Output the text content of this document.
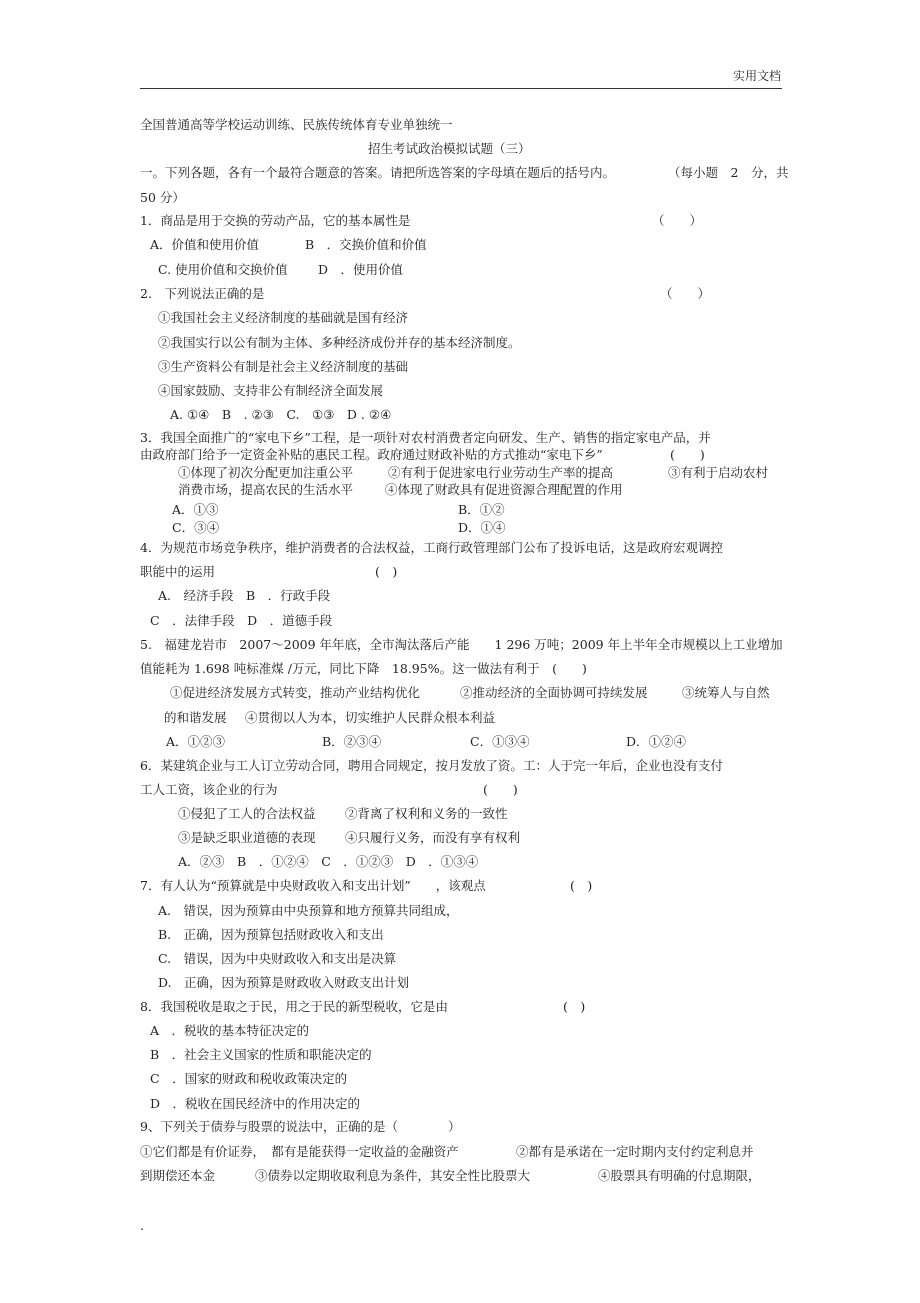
实用文档
全国普通高等学校运动训练、民族传统体育专业单独统一
招生考试政治模拟试题（三）
一。下列各题，各有一个最符合题意的答案。请把所选答案的字母填在题后的括号内。	（每小题　2　分，共
50 分）
1．商品是用于交换的劳动产品，它的基本属性是	（　　）
A．价值和使用价值	B　．交换价值和价值
C. 使用价值和交换价值 D　．使用价值
2.　下列说法正确的是	（　　）
①我国社会主义经济制度的基础就是国有经济
②我国实行以公有制为主体、多种经济成份并存的基本经济制度。
③生产资料公有制是社会主义经济制度的基础
④国家鼓励、支持非公有制经济全面发展
A. ①④　B　. ②③　C.　①③　D . ②④
3．我国全面推广的“家电下乡”工程，是一项针对农村消费者定向研发、生产、销售的指定家电产品，并
由政府部门给予一定资金补贴的惠民工程。政府通过财政补贴的方式推动“家电下乡”	(　　)
①体现了初次分配更加注重公平	②有利于促进家电行业劳动生产率的提高	③有利于启动农村
消费市场，提高农民的生活水平	④体现了财政具有促进资源合理配置的作用
A．①③	B．①②
C．③④	D．①④
4．为规范市场竞争秩序，维护消费者的合法权益，工商行政管理部门公布了投诉电话，这是政府宏观调控
职能中的运用	(　)
A.　经济手段　B　．行政手段
C　．法律手段　D　．道德手段
5.　福建龙岩市　2007～2009 年年底，全市淘汰落后产能　　1 296 万吨；2009 年上半年全市规模以上工业增加
值能耗为 1.698 吨标准煤 /万元，同比下降　18.95%。这一做法有利于　(　　)
①促进经济发展方式转变，推动产业结构优化	②推动经济的全面协调可持续发展	③统筹人与自然
的和谐发展 ④贯彻以人为本，切实维护人民群众根本利益
A．①②③	B．②③④	C．①③④	D．①②④
6．某建筑企业与工人订立劳动合同，聘用合同规定，按月发放了资。工：人于完一年后，企业也没有支付
工人工资，该企业的行为	(　　)
①侵犯了工人的合法权益 ②背离了权利和义务的一致性
③是缺乏职业道德的表现 ④只履行义务，而没有享有权利
A．②③　B　．①②④　C　．①②③　D　．①③④
7．有人认为“预算就是中央财政收入和支出计划”　　，该观点	(　)
A.　错误，因为预算由中央预算和地方预算共同组成，
B.　正确，因为预算包括财政收入和支出
C.　错误，因为中央财政收入和支出是决算
D.　正确，因为预算是财政收入财政支出计划
8．我国税收是取之于民，用之于民的新型税收，它是由	(　)
A　．税收的基本特征决定的
B　．社会主义国家的性质和职能决定的
C　．国家的财政和税收政策决定的
D　．税收在国民经济中的作用决定的
9、下列关于债券与股票的说法中，正确的是（　　　　）
①它们都是有价证券，　都有是能获得一定收益的金融资产	②都有是承诺在一定时期内支付约定利息并
到期偿还本金	③债券以定期收取利息为条件，其安全性比股票大	④股票具有明确的付息期限，
.
